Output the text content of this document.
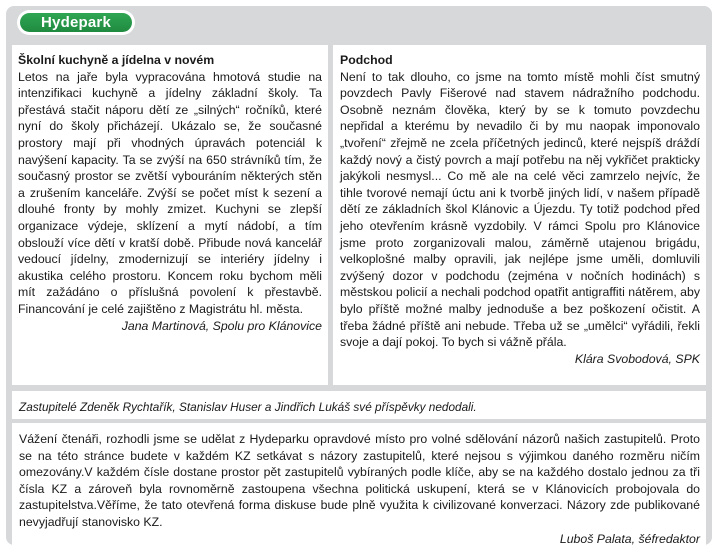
Hydepark

Školní kuchyně a jídelna v novém

Letos na jaře byla vypracována hmotová studie na intenzifikaci kuchyně a jídelny základní školy. Ta přestává stačit náporu dětí ze „silných“ ročníků, které nyní do školy přicházejí. Ukázalo se, že současné prostory mají při vhodných úpravách potenciál k navýšení kapacity. Ta se zvýší na 650 strávníků tím, že současný prostor se zvětší vybouráním některých stěn a zrušením kanceláře. Zvýší se počet míst k sezení a dlouhé fronty by mohly zmizet. Kuchyni se zlepší organizace výdeje, sklízení a mytí nádobí, a tím obslouží více dětí v kratší době. Přibude nová kancelář vedoucí jídelny, zmodernizují se interiéry jídelny i akustika celého prostoru. Koncem roku bychom měli mít zažádáno o příslušná povolení k přestavbě. Financování je celé zajištěno z Magistrátu hl. města.

Jana Martinová, Spolu pro Klánovice

Podchod

Není to tak dlouho, co jsme na tomto místě mohli číst smutný povzdech Pavly Fišerové nad stavem nádražního podchodu. Osobně neznám člověka, který by se k tomuto povzdechu nepřidal a kterému by nevadilo či by mu naopak imponovalo „tvoření“ zřejmě ne zcela příčetných jedinců, které nejspíš dráždí každý nový a čistý povrch a mají potřebu na něj vykřičet prakticky jakýkoli nesmysl... Co mě ale na celé věci zamrzelo nejvíc, že tihle tvorové nemají úctu ani k tvorbě jiných lidí, v našem případě dětí ze základních škol Klánovic a Újezdu. Ty totiž podchod před jeho otevřením krásně vyzdobily. V rámci Spolu pro Klánovice jsme proto zorganizovali malou, záměrně utajenou brigádu, velkoplošné malby opravili, jak nejlépe jsme uměli, domluvili zvýšený dozor v podchodu (zejména v nočních hodinách) s městskou policií a nechali podchod opatřit antigraffiti nátěrem, aby bylo příště možné malby jednoduše a bez poškození očistit. A třeba žádné příště ani nebude. Třeba už se „umělci“ vyřádili, řekli svoje a dají pokoj. To bych si vážně přála.

Klára Svobodová, SPK

Zastupitelé Zdeněk Rychtařík, Stanislav Huser a Jindřich Lukáš své příspěvky nedodali.

Vážení čtenáři, rozhodli jsme se udělat z Hydeparku opravdové místo pro volné sdělování názorů našich zastupitelů. Proto se na této stránce budete v každém KZ setkávat s názory zastupitelů, které nejsou s výjimkou daného rozměru ničím omezovány.V každém čísle dostane prostor pět zastupitelů vybíraných podle klíče, aby se na každého dostalo jednou za tři čísla KZ a zároveň byla rovnoměrně zastoupena všechna politická uskupení, která se v Klánovicích probojovala do zastupitelstva.Věříme, že tato otevřená forma diskuse bude plně využita k civilizované konverzaci. Názory zde publikované nevyjadřují stanovisko KZ.

Luboš Palata, šéfredaktor
